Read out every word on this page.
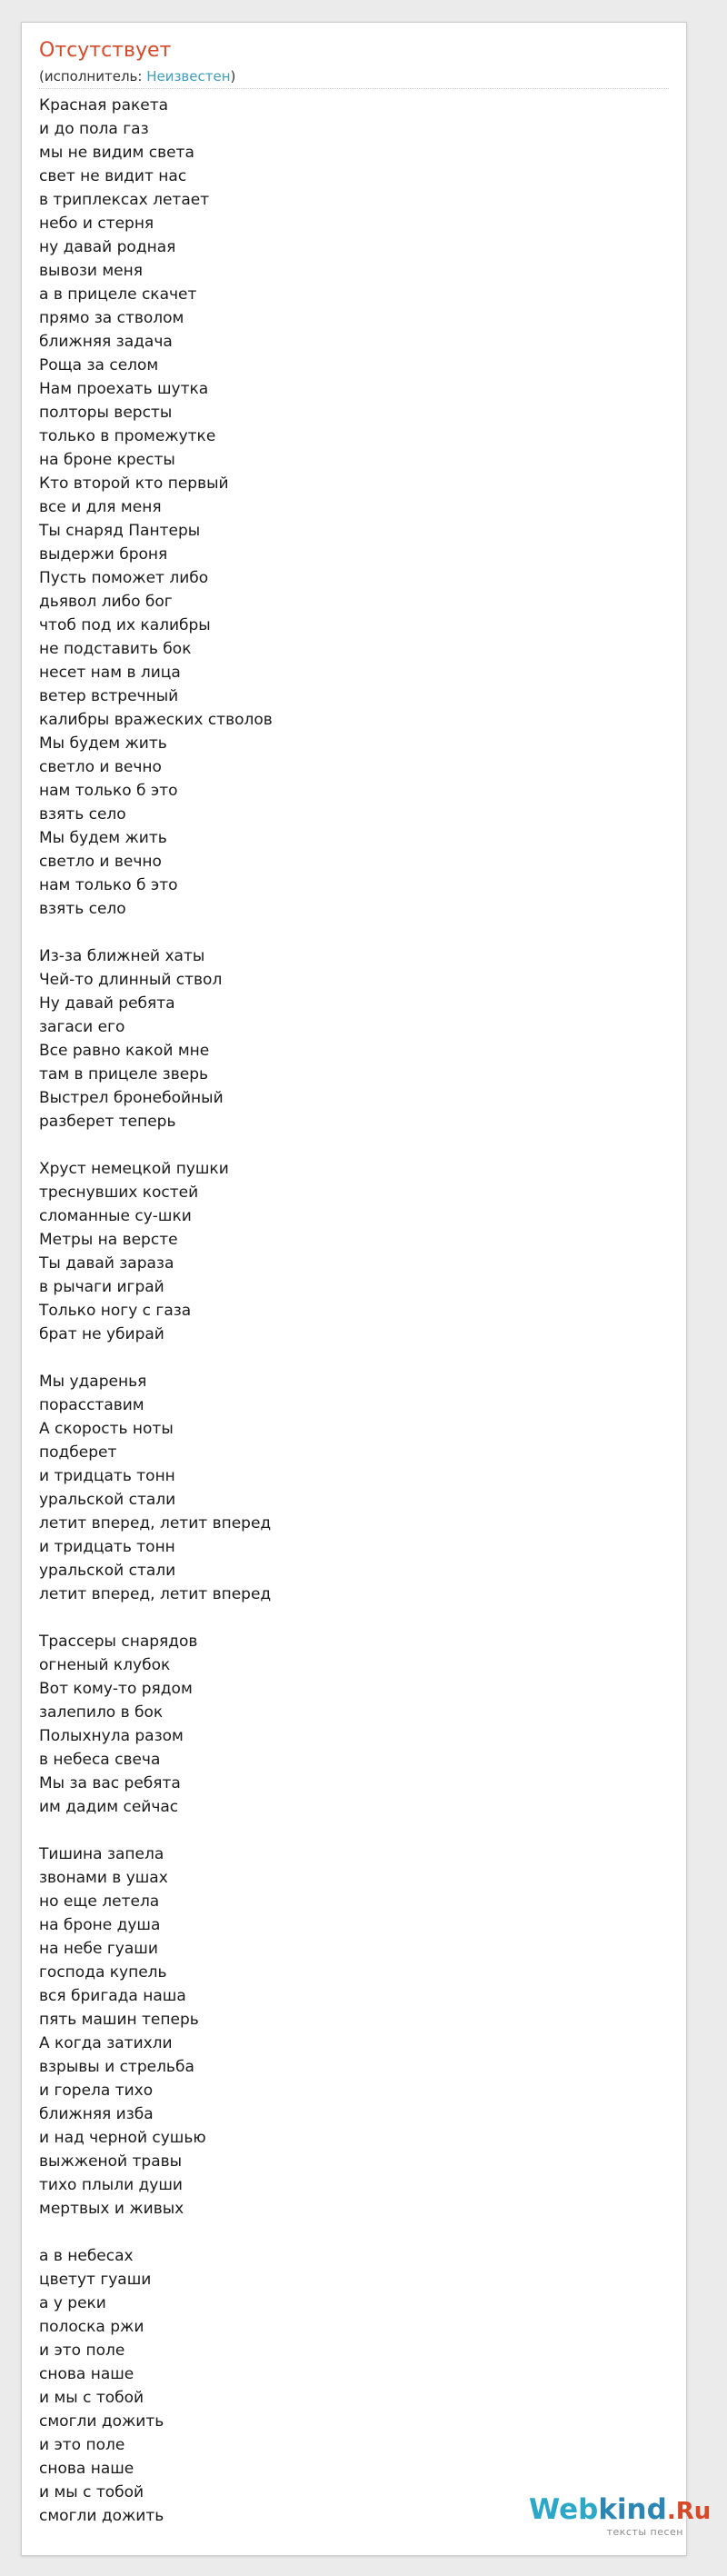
Отсутствует
(исполнитель: Неизвестен)
Красная ракета
и до пола газ
мы не видим света
свет не видит нас
в триплексах летает
небо и стерня
ну давай родная
вывози меня
а в прицеле скачет
прямо за стволом
ближняя задача
Роща за селом
Нам проехать шутка
полторы версты
только в промежутке
на броне кресты
Кто второй кто первый
все и для меня
Ты снаряд Пантеры
выдержи броня
Пусть поможет либо
дьявол либо бог
чтоб под их калибры
не подставить бок
несет нам в лица
ветер встречный
калибры вражеских стволов
Мы будем жить
светло и вечно
нам только б это
взять село
Мы будем жить
светло и вечно
нам только б это
взять село

Из-за ближней хаты
Чей-то длинный ствол
Ну давай ребята
загаси его
Все равно какой мне
там в прицеле зверь
Выстрел бронебойный
разберет теперь

Хруст немецкой пушки
треснувших костей
сломанные су-шки
Метры на версте
Ты давай зараза
в рычаги играй
Только ногу с газа
брат не убирай

Мы ударенья
порасставим
А скорость ноты
подберет
и тридцать тонн
уральской стали
летит вперед, летит вперед
и тридцать тонн
уральской стали
летит вперед, летит вперед

Трассеры снарядов
огненый клубок
Вот кому-то рядом
залепило в бок
Полыхнула разом
в небеса свеча
Мы за вас ребята
им дадим сейчас

Тишина запела
звонами в ушах
но еще летела
на броне душа
на небе гуаши
господа купель
вся бригада наша
пять машин теперь
А когда затихли
взрывы и стрельба
и горела тихо
ближняя изба
и над черной сушью
выжженой травы
тихо плыли души
мертвых и живых

а в небесах
цветут гуаши
а у реки
полоска ржи
и это поле
снова наше
и мы с тобой
смогли дожить
и это поле
снова наше
и мы с тобой
смогли дожить	Webkind.Ru
тексты песен
